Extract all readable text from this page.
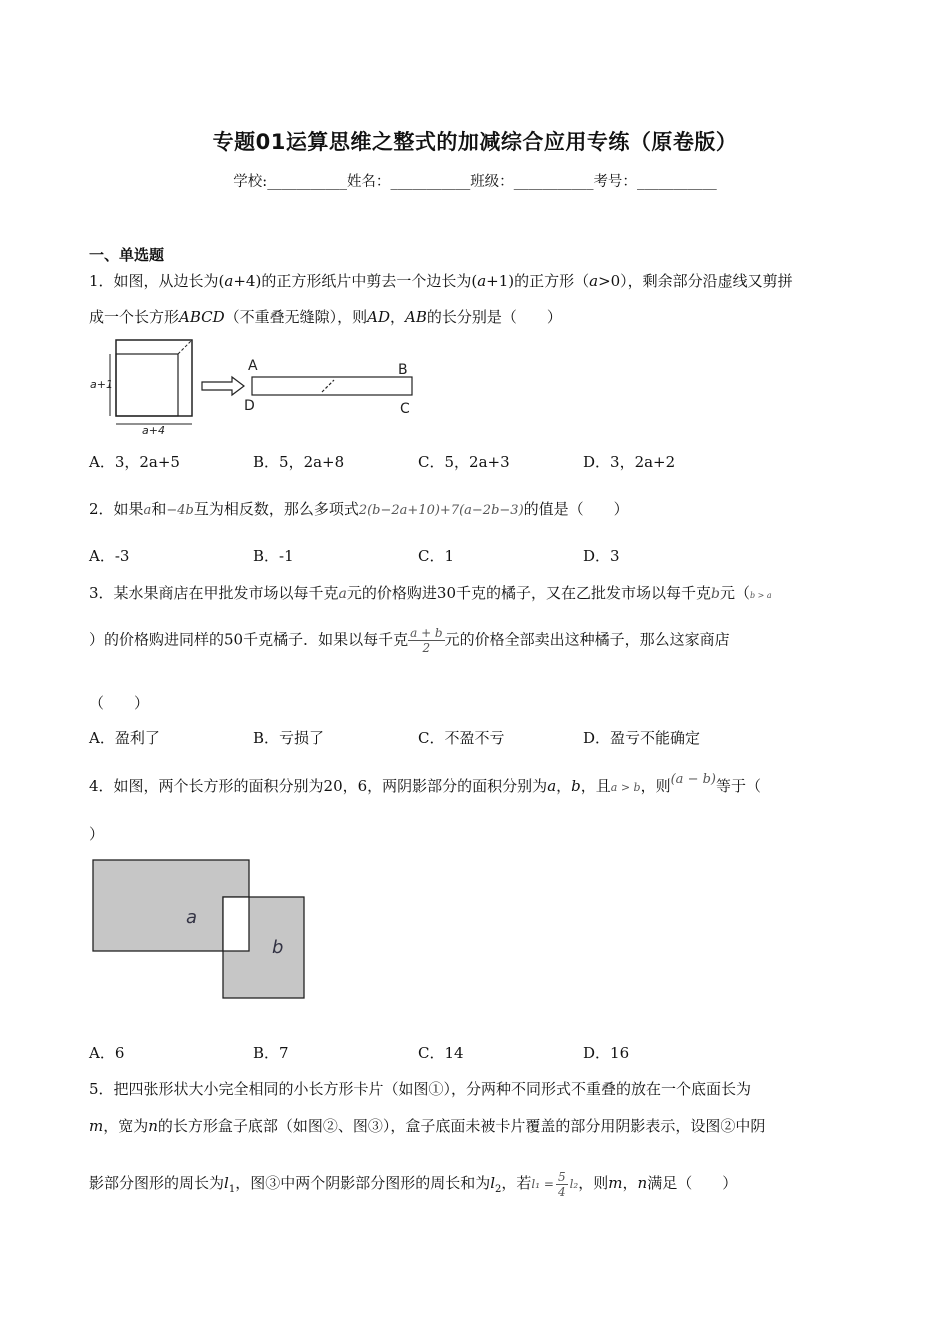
专题01运算思维之整式的加减综合应用专练（原卷版）
学校:___________姓名：___________班级：___________考号：___________
一、单选题
1．如图，从边长为(a+4)的正方形纸片中剪去一个边长为(a+1)的正方形（a>0），剩余部分沿虚线又剪拼
成一个长方形ABCD（不重叠无缝隙），则AD，AB的长分别是（　　）
a+1
a+4
A	B
C
D
A．3，2a+5	B．5，2a+8	C．5，2a+3	D．3，2a+2
2．如果a和−4b互为相反数，那么多项式2(b−2a+10)+7(a−2b−3)的值是（　　）
A．-3	B．-1	C．1	D．3
3．某水果商店在甲批发市场以每千克a元的价格购进30千克的橘子，又在乙批发市场以每千克b元（b > a
）的价格购进同样的50千克橘子．如果以每千克 $\frac{a + b}{2}$ 元的价格全部卖出这种橘子，那么这家商店
（　　）
A．盈利了	B．亏损了	C．不盈不亏	D．盈亏不能确定
4．如图，两个长方形的面积分别为20，6，两阴影部分的面积分别为a，b，且a > b，则(a − b)等于（
）
a
b
A．6	B．7	C．14	D．16
5．把四张形状大小完全相同的小长方形卡片（如图①），分两种不同形式不重叠的放在一个底面长为
m，宽为n的长方形盒子底部（如图②、图③），盒子底面未被卡片覆盖的部分用阴影表示，设图②中阴
影部分图形的周长为$l_1$，图③中两个阴影部分图形的周长和为$l_2$，若$l_1 = \frac{5}{4} l_2$，则m，n满足（　　）
